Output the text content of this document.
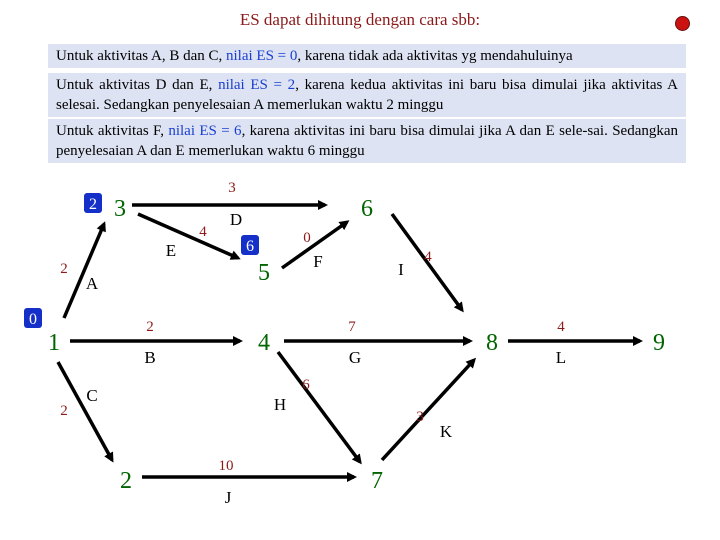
ES dapat dihitung dengan cara sbb:
Untuk aktivitas A, B dan C, nilai ES = 0, karena tidak ada aktivitas yg mendahuluinya
Untuk aktivitas D dan E, nilai ES = 2, karena kedua aktivitas ini baru bisa dimulai jika aktivitas A selesai. Sedangkan penyelesaian A memerlukan waktu 2 minggu
Untuk aktivitas F, nilai ES = 6, karena aktivitas ini baru bisa dimulai jika A dan E sele-sai. Sedangkan penyelesaian A dan E memerlukan waktu 6 minggu
0
2
6
1
2
3
4
5
6
7
8	9
A
B
C
D
E
F
G
H
I
J
K
L
2
2
2
3
4	0
7
6
4
10
3
4
